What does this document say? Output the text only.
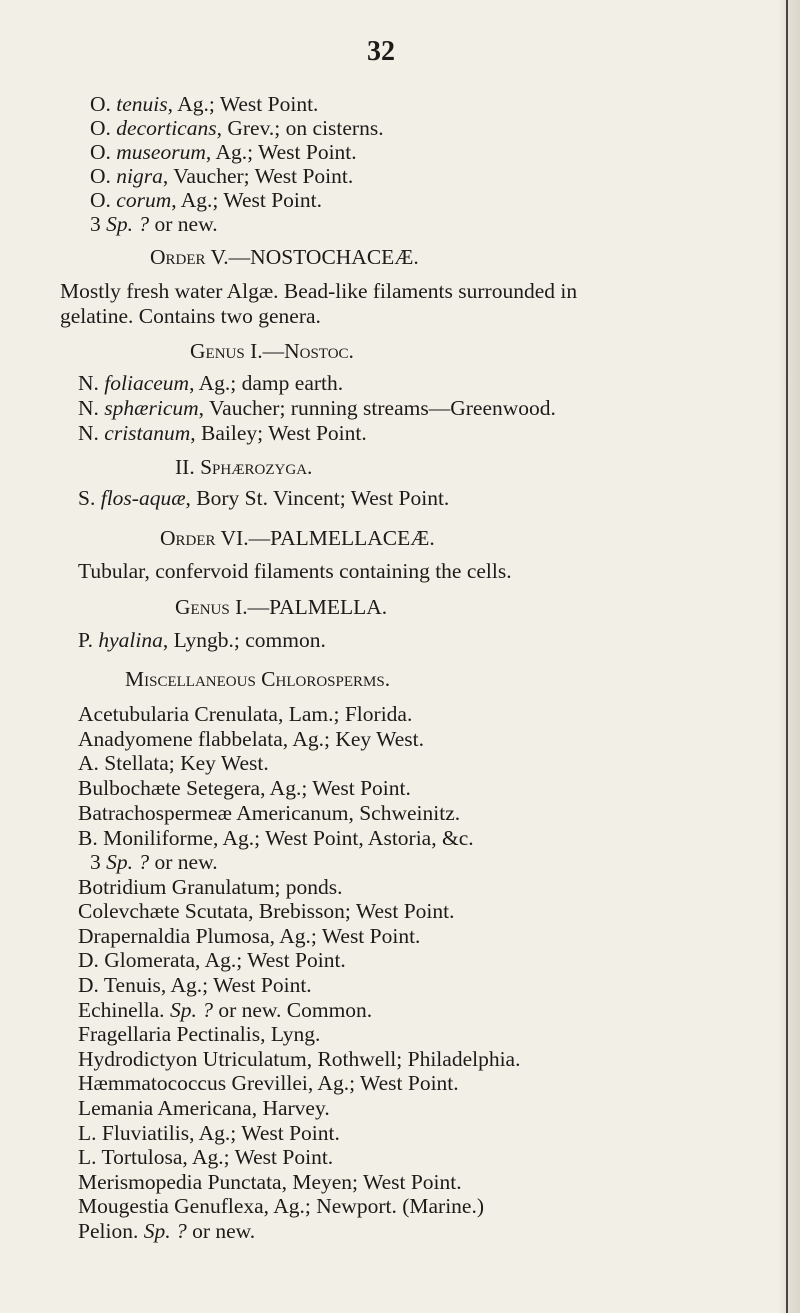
32
O. tenuis, Ag.; West Point.
O. decorticans, Grev.; on cisterns.
O. museorum, Ag.; West Point.
O. nigra, Vaucher; West Point.
O. corum, Ag.; West Point.
3 Sp. ? or new.
Order V.—NOSTOCHACEÆ.
Mostly fresh water Algæ. Bead-like filaments surrounded in
gelatine. Contains two genera.
Genus I.—Nostoc.
N. foliaceum, Ag.; damp earth.
N. sphæricum, Vaucher; running streams—Greenwood.
N. cristanum, Bailey; West Point.
II. Sphærozyga.
S. flos-aquæ, Bory St. Vincent; West Point.
Order VI.—PALMELLACEÆ.
Tubular, confervoid filaments containing the cells.
Genus I.—PALMELLA.
P. hyalina, Lyngb.; common.
Miscellaneous Chlorosperms.
Acetubularia Crenulata, Lam.; Florida.
Anadyomene flabbelata, Ag.; Key West.
A. Stellata; Key West.
Bulbochæte Setegera, Ag.; West Point.
Batrachospermeæ Americanum, Schweinitz.
B. Moniliforme, Ag.; West Point, Astoria, &c.
3 Sp. ? or new.
Botridium Granulatum; ponds.
Colevchæte Scutata, Brebisson; West Point.
Drapernaldia Plumosa, Ag.; West Point.
D. Glomerata, Ag.; West Point.
D. Tenuis, Ag.; West Point.
Echinella. Sp. ? or new. Common.
Fragellaria Pectinalis, Lyng.
Hydrodictyon Utriculatum, Rothwell; Philadelphia.
Hæmmatococcus Grevillei, Ag.; West Point.
Lemania Americana, Harvey.
L. Fluviatilis, Ag.; West Point.
L. Tortulosa, Ag.; West Point.
Merismopedia Punctata, Meyen; West Point.
Mougestia Genuflexa, Ag.; Newport. (Marine.)
Pelion. Sp. ? or new.
